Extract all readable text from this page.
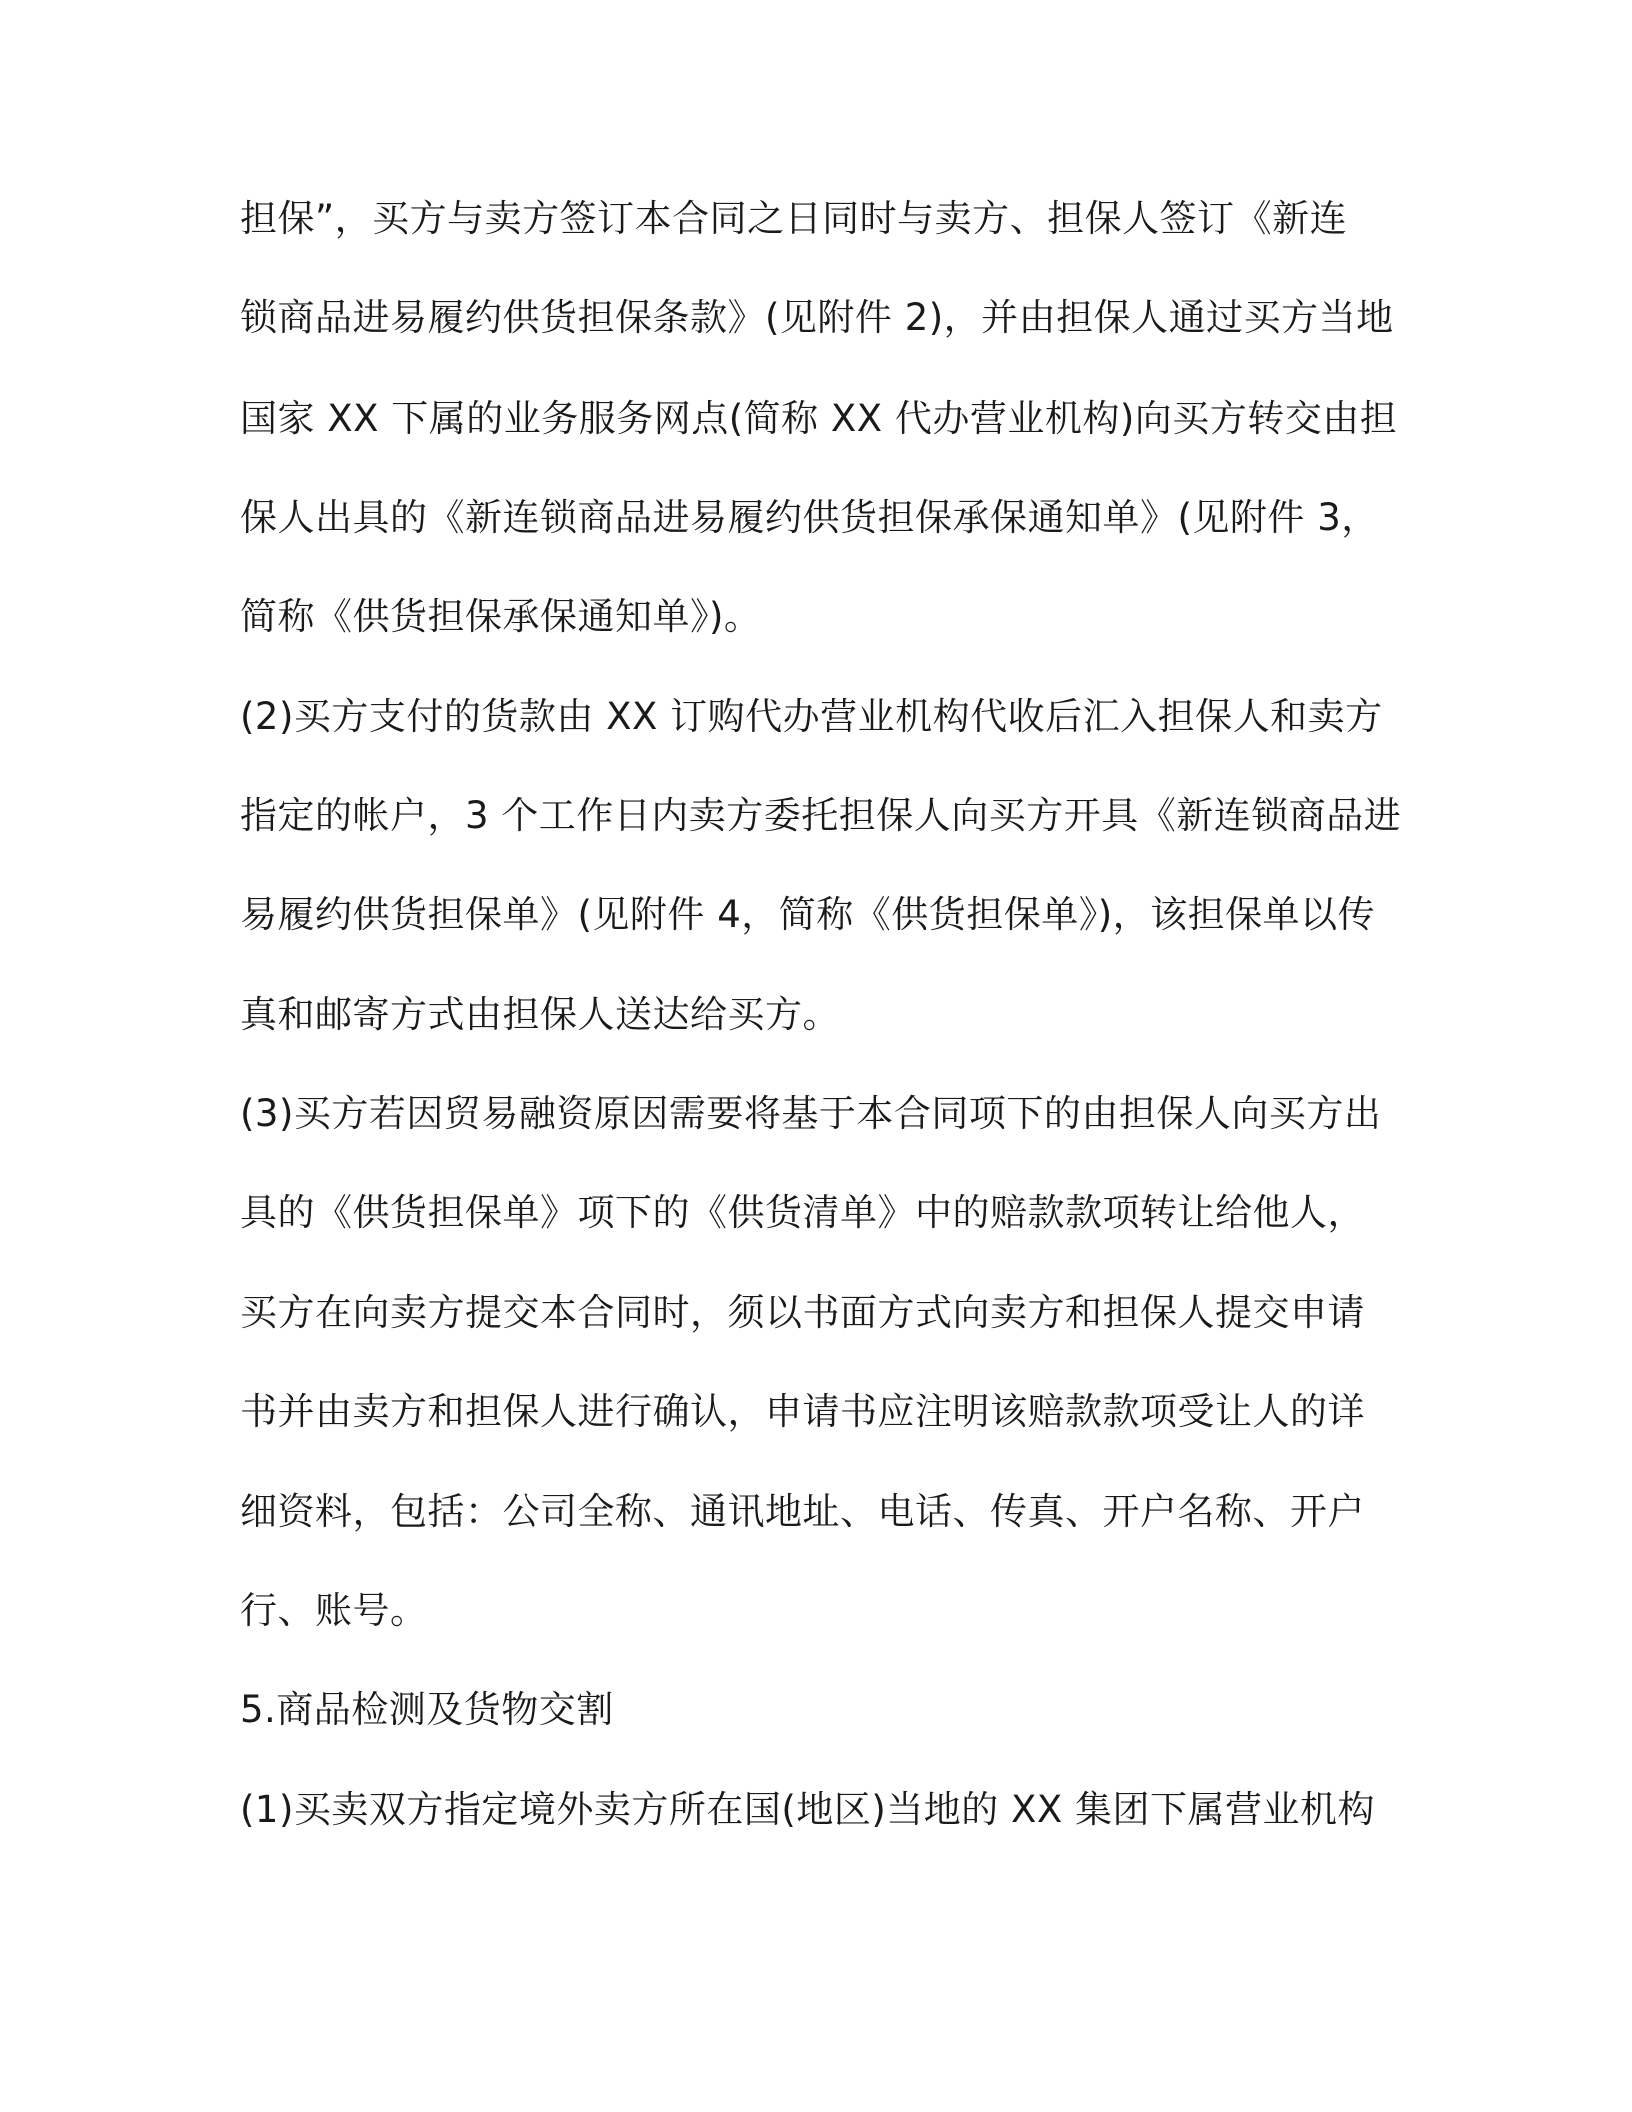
担保”，买方与卖方签订本合同之日同时与卖方、担保人签订《新连
锁商品进易履约供货担保条款》(见附件 2)，并由担保人通过买方当地
国家 XX 下属的业务服务网点(简称 XX 代办营业机构)向买方转交由担
保人出具的《新连锁商品进易履约供货担保承保通知单》(见附件 3，
简称《供货担保承保通知单》)。
(2)买方支付的货款由 XX 订购代办营业机构代收后汇入担保人和卖方
指定的帐户，3 个工作日内卖方委托担保人向买方开具《新连锁商品进
易履约供货担保单》(见附件 4，简称《供货担保单》)，该担保单以传
真和邮寄方式由担保人送达给买方。
(3)买方若因贸易融资原因需要将基于本合同项下的由担保人向买方出
具的《供货担保单》项下的《供货清单》中的赔款款项转让给他人，
买方在向卖方提交本合同时，须以书面方式向卖方和担保人提交申请
书并由卖方和担保人进行确认，申请书应注明该赔款款项受让人的详
细资料，包括：公司全称、通讯地址、电话、传真、开户名称、开户
行、账号。
5.商品检测及货物交割
(1)买卖双方指定境外卖方所在国(地区)当地的 XX 集团下属营业机构
